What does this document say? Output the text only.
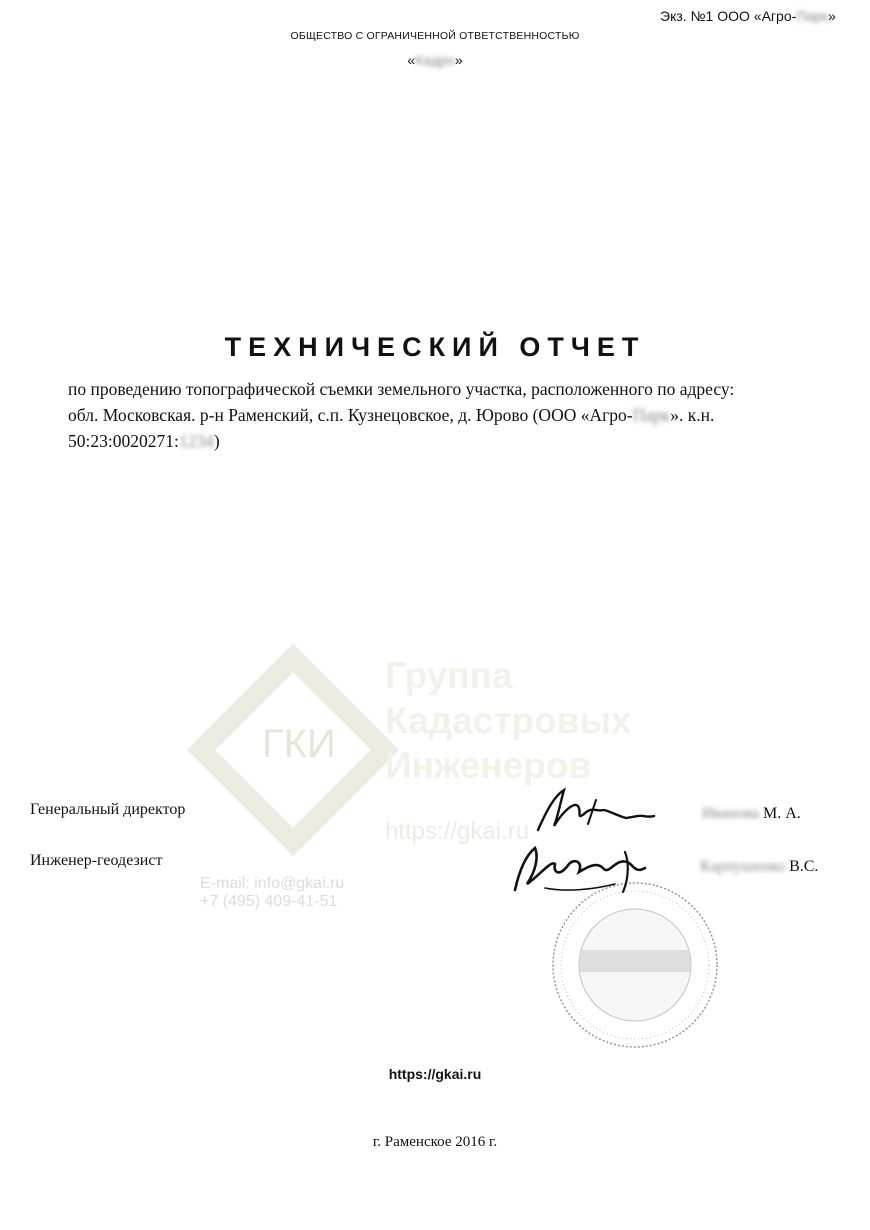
Экз. №1 ООО «Агро-Парк»
ОБЩЕСТВО С ОГРАНИЧЕННОЙ ОТВЕТСТВЕННОСТЬЮ
«Кадро»
ТЕХНИЧЕСКИЙ ОТЧЕТ

по проведению топографической съемки земельного участка, расположенного по адресу:

обл. Московская. р-н Раменский, с.п. Кузнецовское, д. Юрово (ООО «Агро-Парк». к.н.

50:23:0020271:1234)

ГКИ
Группа
Кадастровых
Инженеров
https://gkai.ru
E-mail: info@gkai.ru
+7 (495) 409-41-51
Генеральный директор	Иванова М. А.
Инженер-геодезист	Карпушенко В.С.
https://gkai.ru
г. Раменское 2016 г.
